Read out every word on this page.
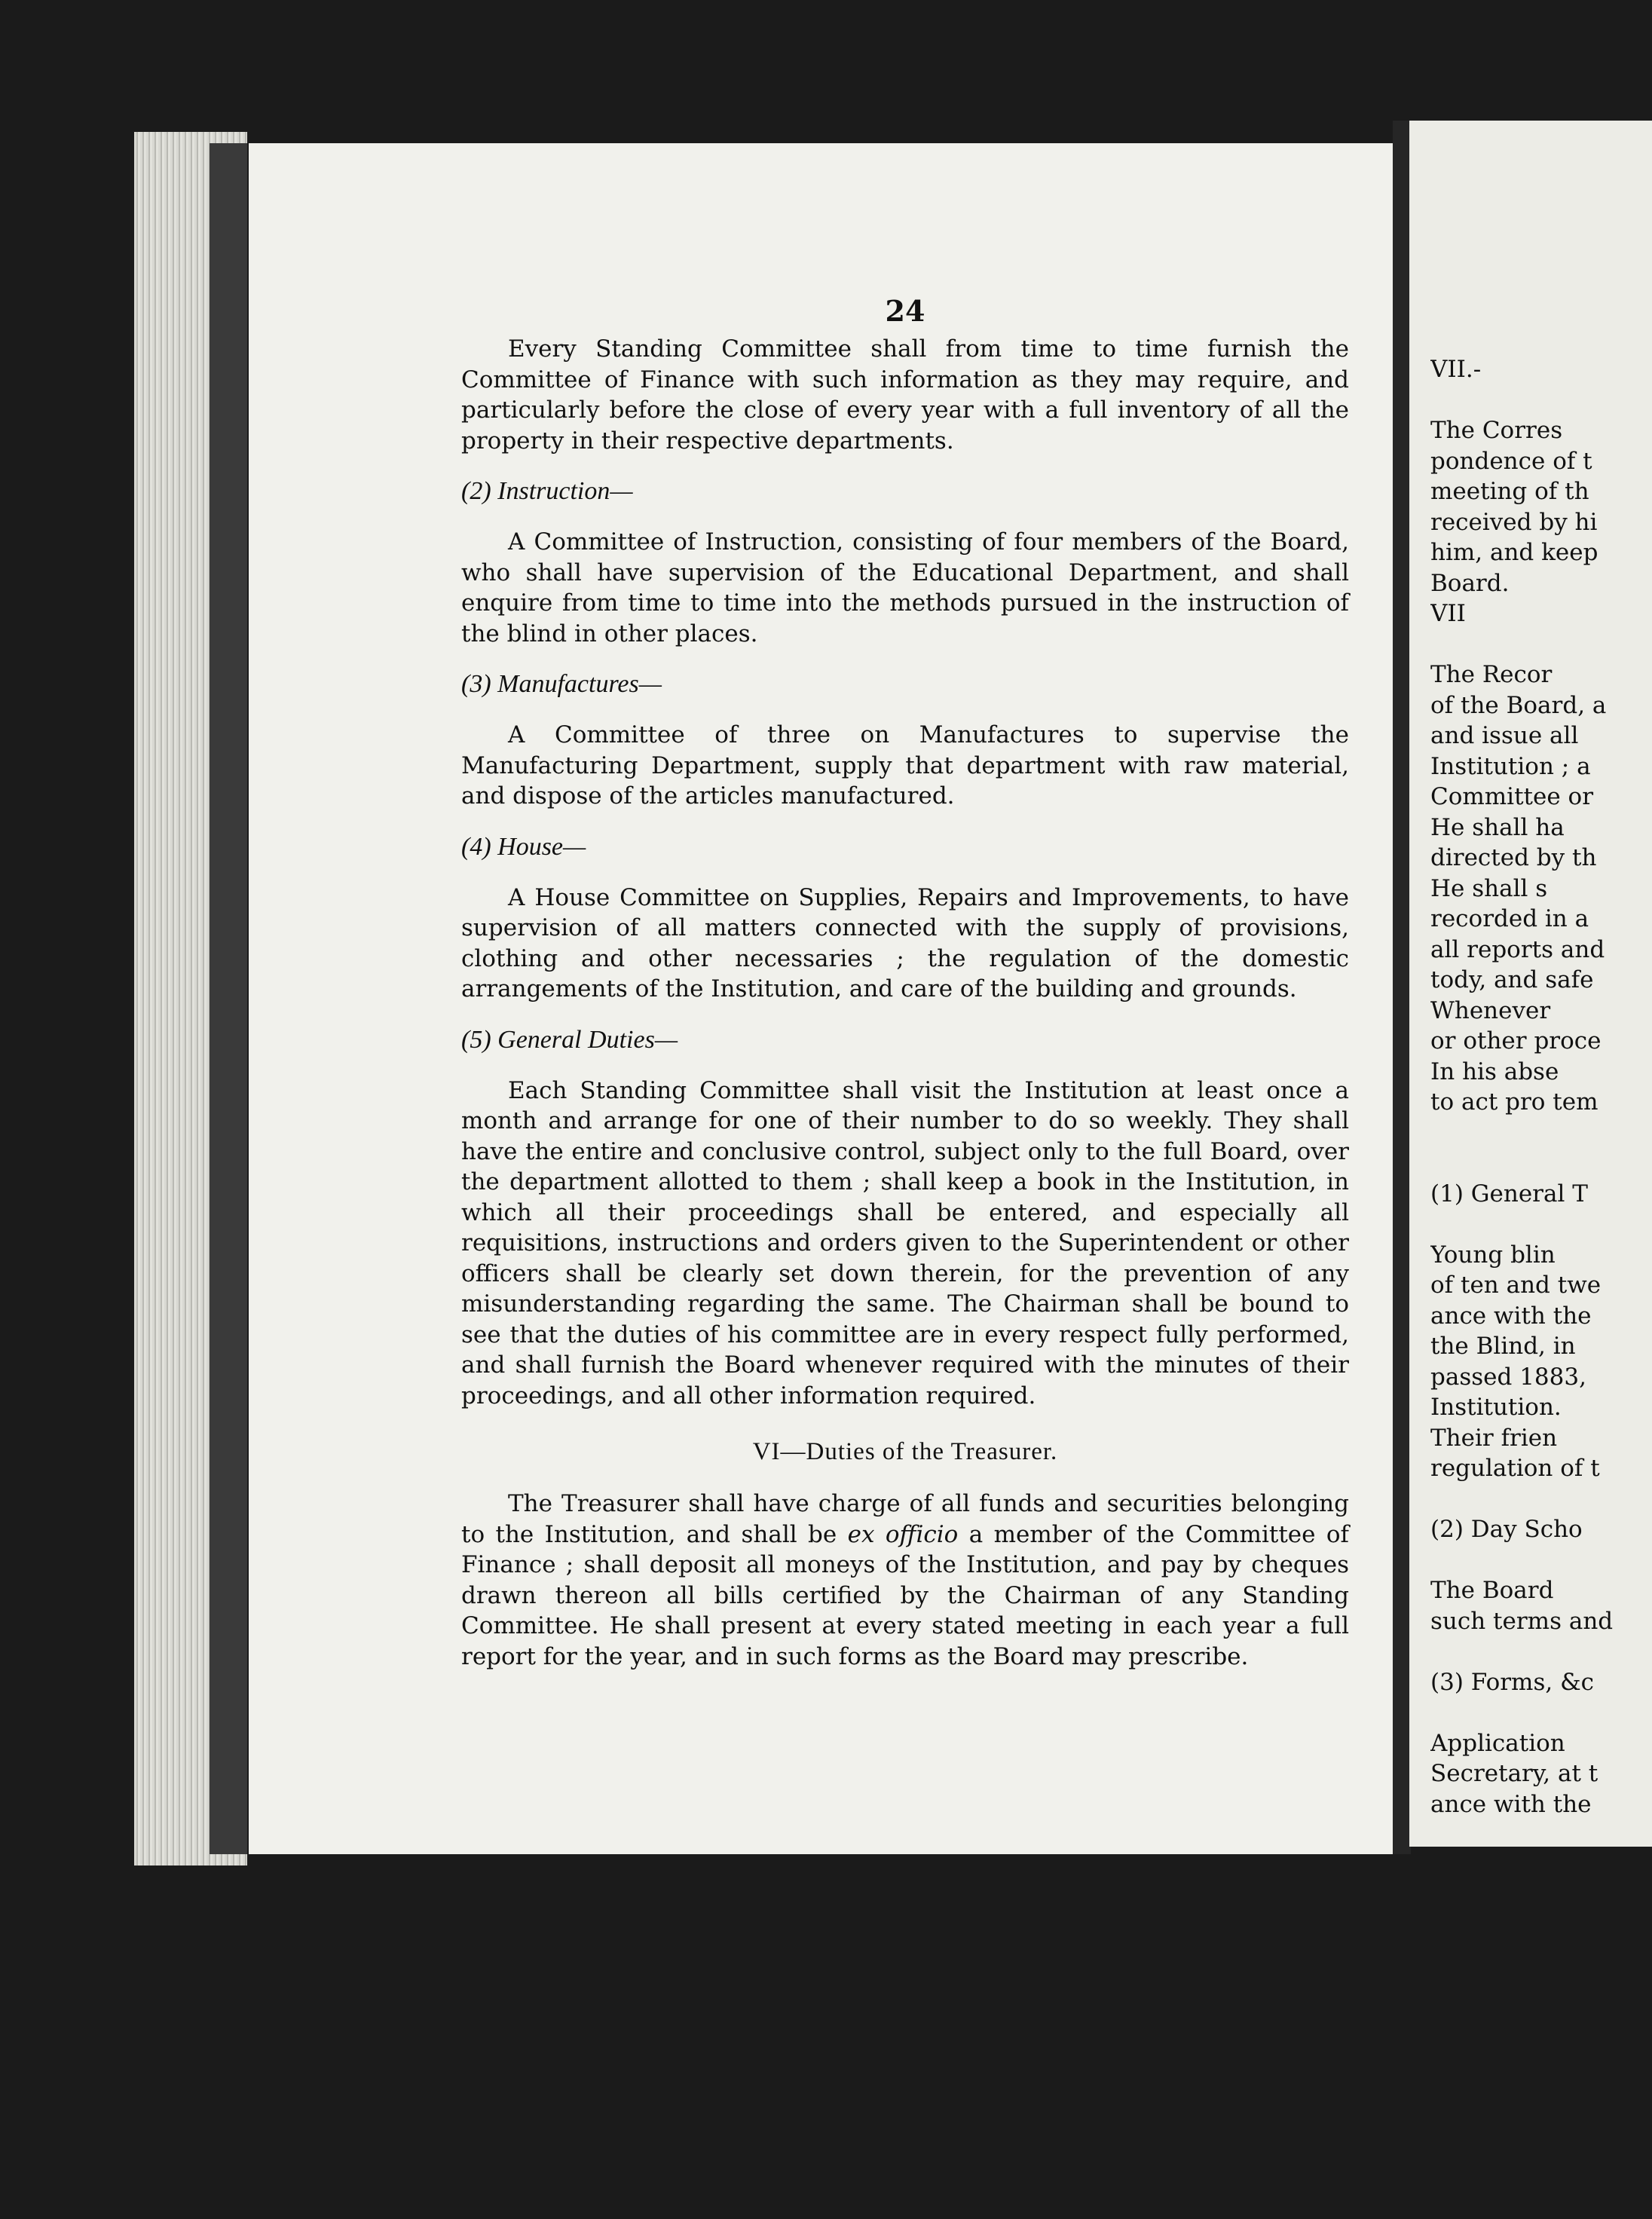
24

Every Standing Committee shall from time to time furnish the Committee of Finance with such information as they may require, and particularly before the close of every year with a full inventory of all the property in their respective departments.

(2) Instruction—

A Committee of Instruction, consisting of four members of the Board, who shall have supervision of the Educational Department, and shall enquire from time to time into the methods pursued in the instruction of the blind in other places.

(3) Manufactures—

A Committee of three on Manufactures to supervise the Manufacturing Department, supply that department with raw material, and dispose of the articles manufactured.

(4) House—

A House Committee on Supplies, Repairs and Improvements, to have supervision of all matters connected with the supply of provisions, clothing and other necessaries ; the regulation of the domestic arrangements of the Institution, and care of the building and grounds.

(5) General Duties—

Each Standing Committee shall visit the Institution at least once a month and arrange for one of their number to do so weekly. They shall have the entire and conclusive control, subject only to the full Board, over the department allotted to them ; shall keep a book in the Institution, in which all their proceedings shall be entered, and especially all requisitions, instructions and orders given to the Superintendent or other officers shall be clearly set down therein, for the prevention of any misunderstanding regarding the same. The Chairman shall be bound to see that the duties of his committee are in every respect fully performed, and shall furnish the Board whenever required with the minutes of their proceedings, and all other information required.

VI—Duties of the Treasurer.

The Treasurer shall have charge of all funds and securities belonging to the Institution, and shall be ex officio a member of the Committee of Finance ; shall deposit all moneys of the Institution, and pay by cheques drawn thereon all bills certified by the Chairman of any Standing Committee. He shall present at every stated meeting in each year a full report for the year, and in such forms as the Board may prescribe.

VII.-

The Corres

pondence of t

meeting of th

received by hi

him, and keep

Board.

VII

The Recor

of the Board, a

and issue all

Institution ; a

Committee or

He shall ha

directed by th

He shall s

recorded in a

all reports and

tody, and safe

Whenever

or other proce

In his abse

to act pro tem

(1) General T

Young blin

of ten and twe

ance with the

the Blind, in

passed 1883,

Institution.

Their frien

regulation of t

(2) Day Scho

The Board

such terms and

(3) Forms, &c

Application

Secretary, at t

ance with the
